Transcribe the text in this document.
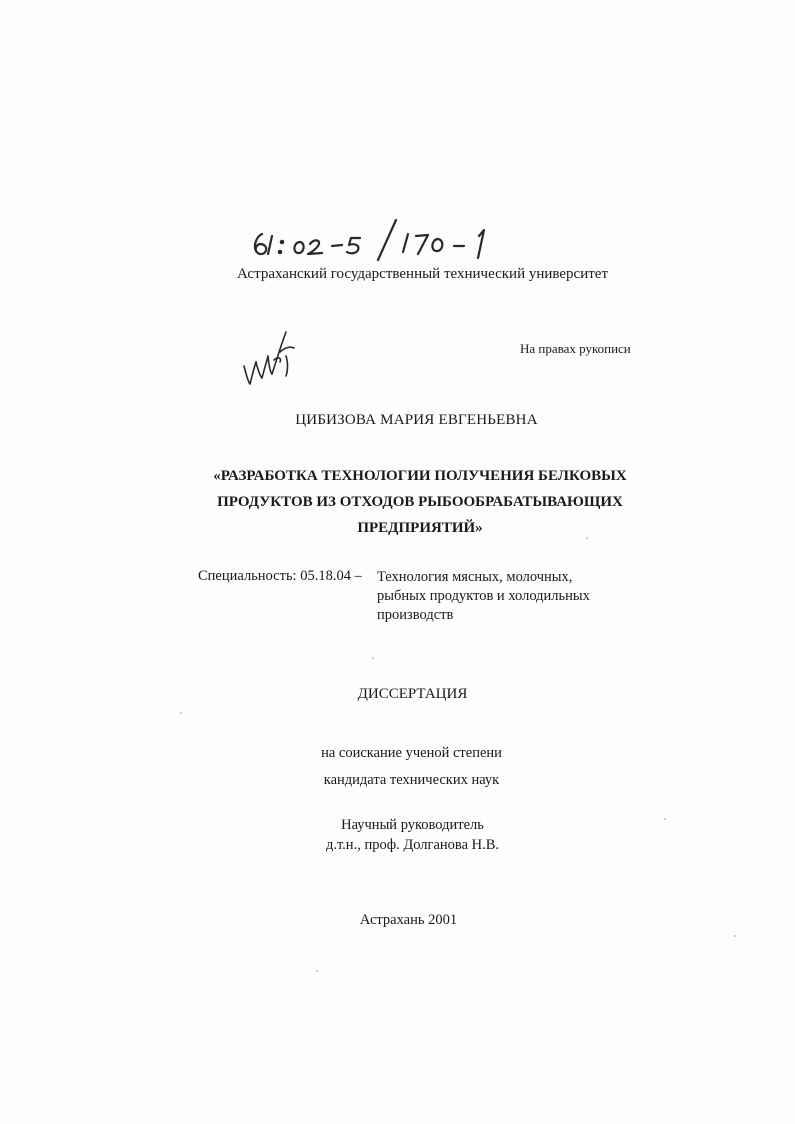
Астраханский государственный технический университет
На правах рукописи
ЦИБИЗОВА МАРИЯ ЕВГЕНЬЕВНА
«РАЗРАБОТКА ТЕХНОЛОГИИ ПОЛУЧЕНИЯ БЕЛКОВЫХ
ПРОДУКТОВ ИЗ ОТХОДОВ РЫБООБРАБАТЫВАЮЩИХ
ПРЕДПРИЯТИЙ»
Специальность: 05.18.04 – Технология мясных, молочных,
рыбных продуктов и холодильных
производств
ДИССЕРТАЦИЯ
на соискание ученой степени
кандидата технических наук
Научный руководитель
д.т.н., проф. Долганова Н.В.
Астрахань 2001
